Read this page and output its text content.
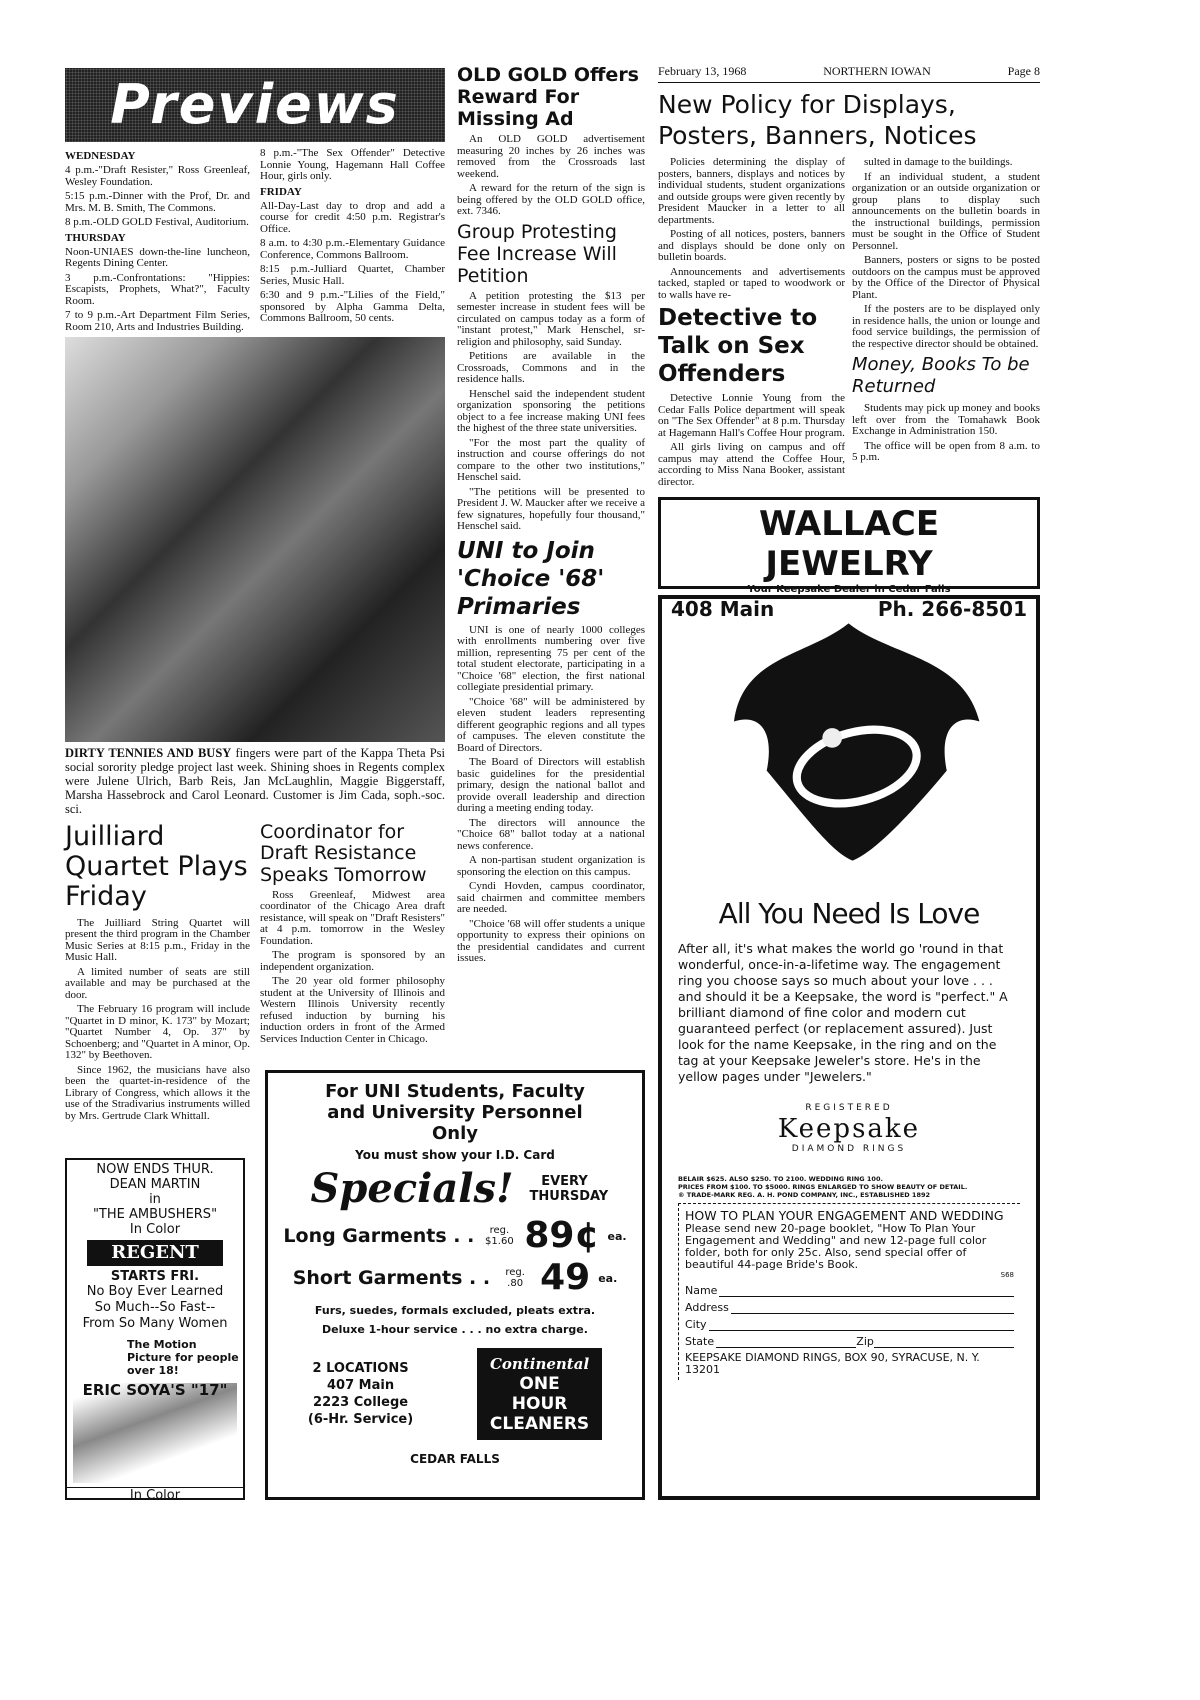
Previews
WEDNESDAY
4 p.m.-"Draft Resister," Ross Greenleaf, Wesley Foundation.
5:15 p.m.-Dinner with the Prof, Dr. and Mrs. M. B. Smith, The Commons.
8 p.m.-OLD GOLD Festival, Auditorium.
THURSDAY
Noon-UNIAES down-the-line luncheon, Regents Dining Center.
3 p.m.-Confrontations: "Hippies: Escapists, Prophets, What?", Faculty Room.
7 to 9 p.m.-Art Department Film Series, Room 210, Arts and Industries Building.
8 p.m.-"The Sex Offender" Detective Lonnie Young, Hagemann Hall Coffee Hour, girls only.
FRIDAY
All-Day-Last day to drop and add a course for credit 4:50 p.m. Registrar's Office.
8 a.m. to 4:30 p.m.-Elementary Guidance Conference, Commons Ballroom.
8:15 p.m.-Julliard Quartet, Chamber Series, Music Hall.
6:30 and 9 p.m.-"Lilies of the Field," sponsored by Alpha Gamma Delta, Commons Ballroom, 50 cents.
DIRTY TENNIES AND BUSY fingers were part of the Kappa Theta Psi social sorority pledge project last week. Shining shoes in Regents complex were Julene Ulrich, Barb Reis, Jan McLaughlin, Maggie Biggerstaff, Marsha Hassebrock and Carol Leonard. Customer is Jim Cada, soph.-soc. sci.
Juilliard Quartet Plays Friday

The Juilliard String Quartet will present the third program in the Chamber Music Series at 8:15 p.m., Friday in the Music Hall.

A limited number of seats are still available and may be purchased at the door.

The February 16 program will include "Quartet in D minor, K. 173" by Mozart; "Quartet Number 4, Op. 37" by Schoenberg; and "Quartet in A minor, Op. 132" by Beethoven.

Since 1962, the musicians have also been the quartet-in-residence of the Library of Congress, which allows it the use of the Stradivarius instruments willed by Mrs. Gertrude Clark Whittall.

Coordinator for Draft Resistance Speaks Tomorrow

Ross Greenleaf, Midwest area coordinator of the Chicago Area draft resistance, will speak on "Draft Resisters" at 4 p.m. tomorrow in the Wesley Foundation.

The program is sponsored by an independent organization.

The 20 year old former philosophy student at the University of Illinois and Western Illinois University recently refused induction by burning his induction orders in front of the Armed Services Induction Center in Chicago.

NOW ENDS THUR.
DEAN MARTIN
in
"THE AMBUSHERS"
In Color
REGENT
STARTS FRI.
No Boy Ever Learned
So Much--So Fast--
From So Many Women
The Motion Picture for people over 18!
ERIC SOYA'S "17"
In Color
For UNI Students, Faculty and University Personnel Only
You must show your I.D. Card
Specials!	EVERY THURSDAY
Long Garments . .	reg. $1.60 89¢ ea.
Short Garments . .	reg. .80 49 ea.
Furs, suedes, formals excluded, pleats extra.
Deluxe 1-hour service . . . no extra charge.
2 LOCATIONS
407 Main
2223 College
(6-Hr. Service)
Continental
ONE HOUR
CLEANERS
CEDAR FALLS
OLD GOLD Offers Reward For Missing Ad

An OLD GOLD advertisement measuring 20 inches by 26 inches was removed from the Crossroads last weekend.

A reward for the return of the sign is being offered by the OLD GOLD office, ext. 7346.

Group Protesting Fee Increase Will Petition

A petition protesting the $13 per semester increase in student fees will be circulated on campus today as a form of "instant protest," Mark Henschel, sr-religion and philosophy, said Sunday.

Petitions are available in the Crossroads, Commons and in the residence halls.

Henschel said the independent student organization sponsoring the petitions object to a fee increase making UNI fees the highest of the three state universities.

"For the most part the quality of instruction and course offerings do not compare to the other two institutions," Henschel said.

"The petitions will be presented to President J. W. Maucker after we receive a few signatures, hopefully four thousand," Henschel said.

UNI to Join 'Choice '68' Primaries

UNI is one of nearly 1000 colleges with enrollments numbering over five million, representing 75 per cent of the total student electorate, participating in a "Choice '68" election, the first national collegiate presidential primary.

"Choice '68" will be administered by eleven student leaders representing different geographic regions and all types of campuses. The eleven constitute the Board of Directors.

The Board of Directors will establish basic guidelines for the presidential primary, design the national ballot and provide overall leadership and direction during a meeting ending today.

The directors will announce the "Choice 68" ballot today at a national news conference.

A non-partisan student organization is sponsoring the election on this campus.

Cyndi Hovden, campus coordinator, said chairmen and committee members are needed.

"Choice '68 will offer students a unique opportunity to express their opinions on the presidential candidates and current issues.

February 13, 1968	NORTHERN IOWAN	Page 8
New Policy for Displays, Posters, Banners, Notices

Policies determining the display of posters, banners, displays and notices by individual students, student organizations and outside groups were given recently by President Maucker in a letter to all departments.

Posting of all notices, posters, banners and displays should be done only on bulletin boards.

Announcements and advertisements tacked, stapled or taped to woodwork or to walls have re-

Detective to Talk on Sex Offenders

Detective Lonnie Young from the Cedar Falls Police department will speak on "The Sex Offender" at 8 p.m. Thursday at Hagemann Hall's Coffee Hour program.

All girls living on campus and off campus may attend the Coffee Hour, according to Miss Nana Booker, assistant director.

sulted in damage to the buildings.

If an individual student, a student organization or an outside organization or group plans to display such announcements on the bulletin boards in the instructional buildings, permission must be sought in the Office of Student Personnel.

Banners, posters or signs to be posted outdoors on the campus must be approved by the Office of the Director of Physical Plant.

If the posters are to be displayed only in residence halls, the union or lounge and food service buildings, the permission of the respective director should be obtained.

Money, Books To be Returned

Students may pick up money and books left over from the Tomahawk Book Exchange in Administration 150.

The office will be open from 8 a.m. to 5 p.m.

WALLACE JEWELRY
Your Keepsake Dealer in Cedar Falls
408 Main	Ph. 266-8501
All You Need Is Love
After all, it's what makes the world go 'round in that wonderful, once-in-a-lifetime way. The engagement ring you choose says so much about your love . . . and should it be a Keepsake, the word is "perfect." A brilliant diamond of fine color and modern cut guaranteed perfect (or replacement assured). Just look for the name Keepsake, in the ring and on the tag at your Keepsake Jeweler's store. He's in the yellow pages under "Jewelers."
REGISTERED
Keepsake
DIAMOND RINGS
BELAIR $625. ALSO $250. TO 2100. WEDDING RING 100.
PRICES FROM $100. TO $5000. RINGS ENLARGED TO SHOW BEAUTY OF DETAIL.
® TRADE-MARK REG. A. H. POND COMPANY, INC., ESTABLISHED 1892
HOW TO PLAN YOUR ENGAGEMENT AND WEDDING
Please send new 20-page booklet, "How To Plan Your Engagement and Wedding" and new 12-page full color folder, both for only 25c. Also, send special offer of beautiful 44-page Bride's Book.
S68
Name
Address
City
State	Zip
KEEPSAKE DIAMOND RINGS, BOX 90, SYRACUSE, N. Y. 13201
